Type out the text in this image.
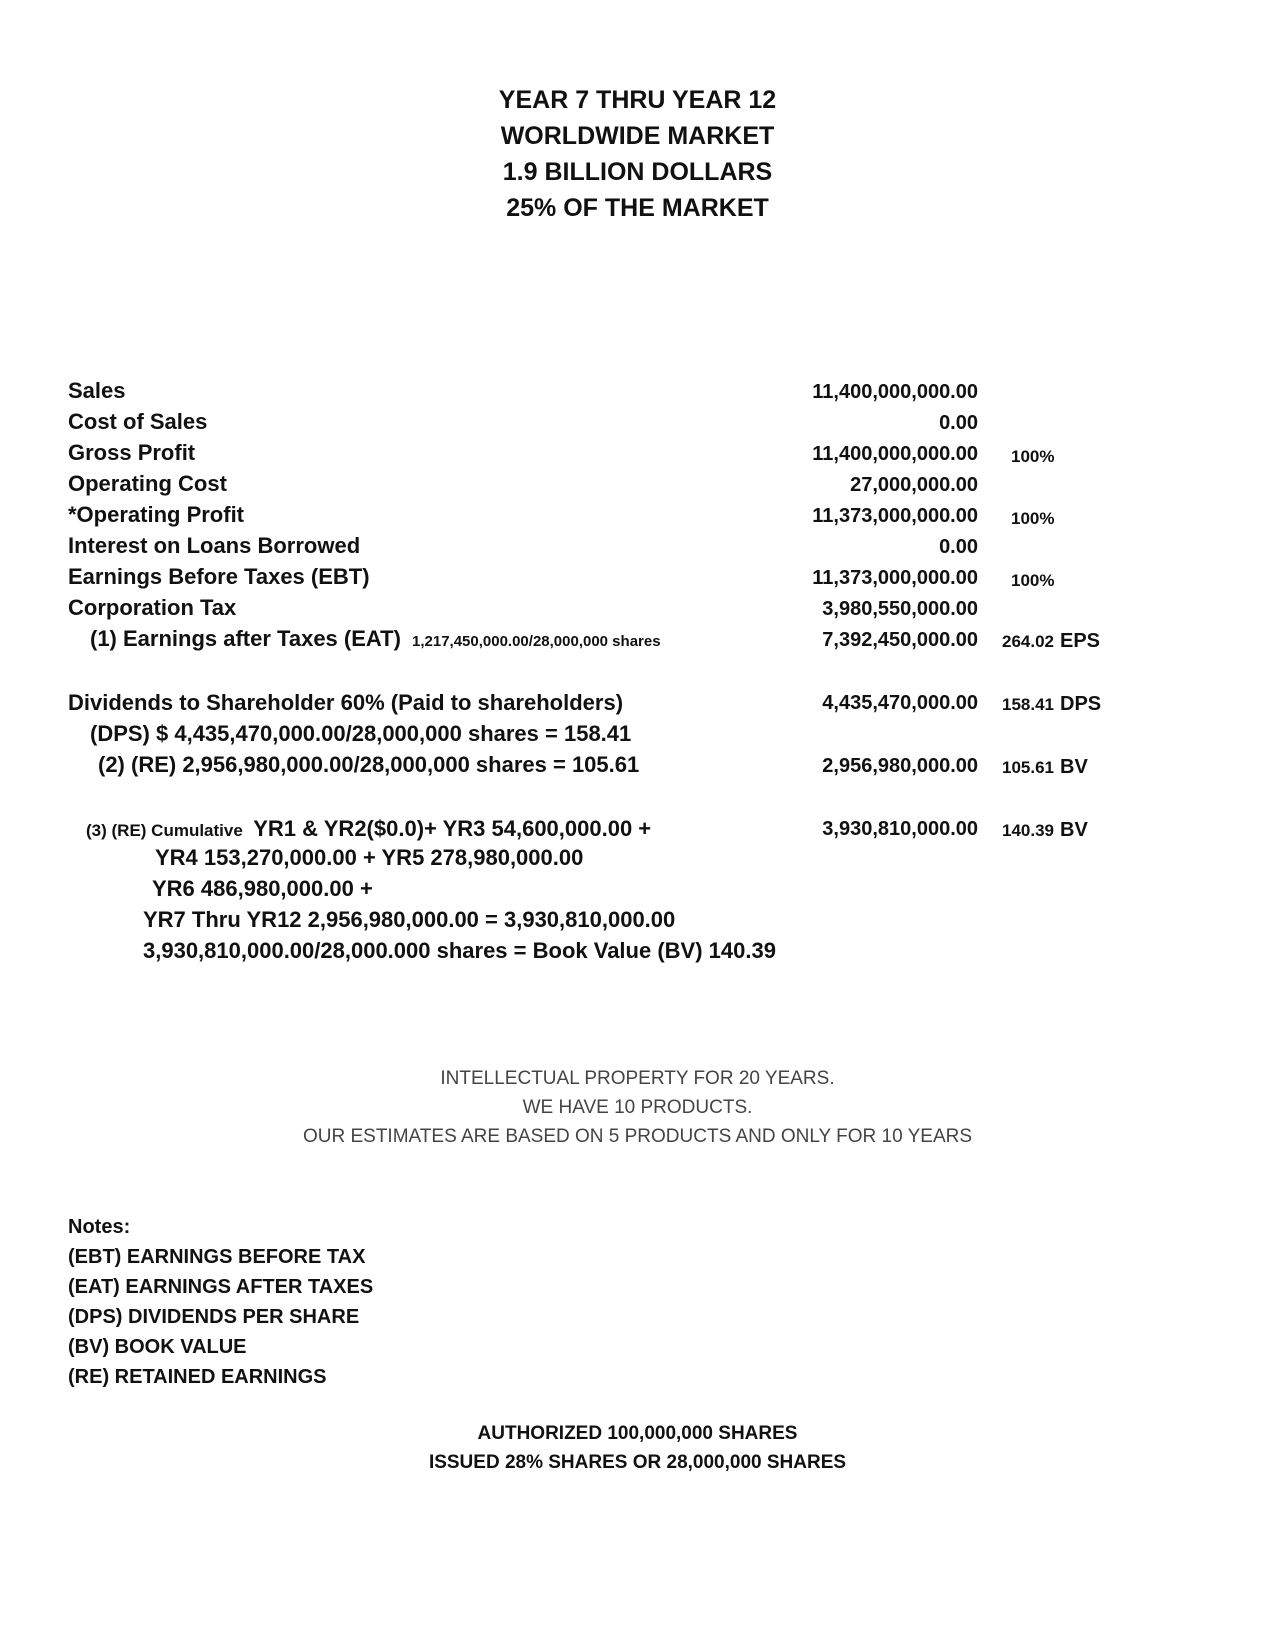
YEAR 7 THRU YEAR 12
WORLDWIDE MARKET
1.9 BILLION DOLLARS
25% OF THE MARKET
Sales	11,400,000,000.00
Cost of Sales	0.00
Gross Profit	11,400,000,000.00 100%
Operating Cost	27,000,000.00
*Operating Profit	11,373,000,000.00 100%
Interest on Loans Borrowed	0.00
Earnings Before Taxes (EBT)	11,373,000,000.00 100%
Corporation Tax	3,980,550,000.00
(1) Earnings after Taxes (EAT) 1,217,450,000.00/28,000,000 shares	7,392,450,000.00 264.02 EPS
Dividends to Shareholder 60% (Paid to shareholders)	4,435,470,000.00 158.41 DPS
(DPS) $ 4,435,470,000.00/28,000,000 shares = 158.41
(2) (RE) 2,956,980,000.00/28,000,000 shares = 105.61	2,956,980,000.00 105.61 BV
(3) (RE) Cumulative YR1 & YR2($0.0)+ YR3 54,600,000.00 +	3,930,810,000.00 140.39 BV
YR4 153,270,000.00 + YR5 278,980,000.00
YR6 486,980,000.00 +
YR7 Thru YR12 2,956,980,000.00 = 3,930,810,000.00
3,930,810,000.00/28,000.000 shares = Book Value (BV) 140.39
INTELLECTUAL PROPERTY FOR 20 YEARS.
WE HAVE 10 PRODUCTS.
OUR ESTIMATES ARE BASED ON 5 PRODUCTS AND ONLY FOR 10 YEARS
Notes:
(EBT) EARNINGS BEFORE TAX
(EAT) EARNINGS AFTER TAXES
(DPS) DIVIDENDS PER SHARE
(BV) BOOK VALUE
(RE) RETAINED EARNINGS
AUTHORIZED 100,000,000 SHARES
ISSUED 28% SHARES OR 28,000,000 SHARES
